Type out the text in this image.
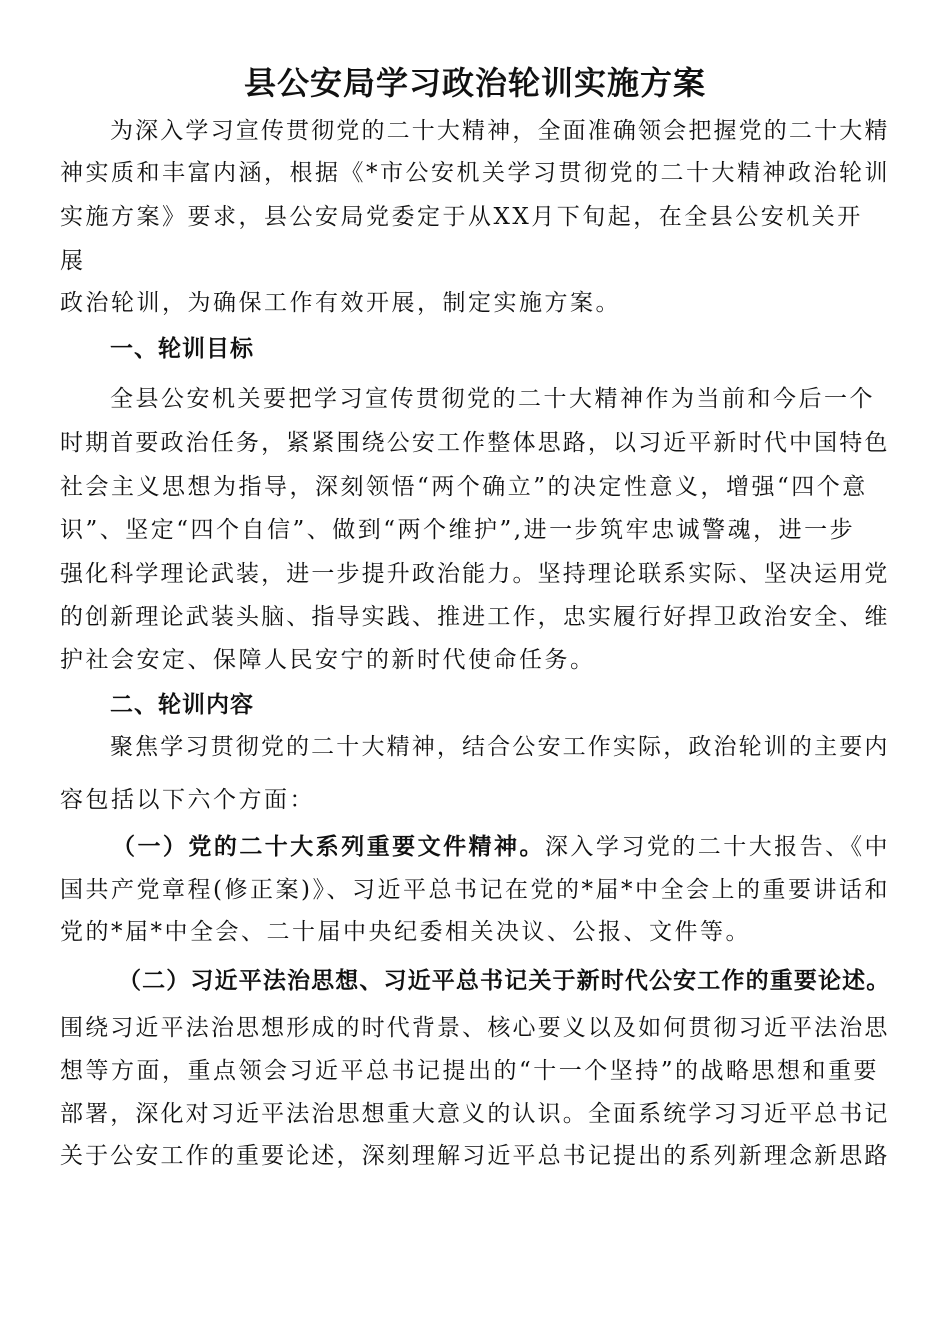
县公安局学习政治轮训实施方案
为深入学习宣传贯彻党的二十大精神，全面准确领会把握党的二十大精
神实质和丰富内涵，根据《*市公安机关学习贯彻党的二十大精神政治轮训
实施方案》要求，县公安局党委定于从XX月下旬起，在全县公安机关开
展
政治轮训，为确保工作有效开展，制定实施方案。
一、轮训目标
全县公安机关要把学习宣传贯彻党的二十大精神作为当前和今后一个
时期首要政治任务，紧紧围绕公安工作整体思路，以习近平新时代中国特色
社会主义思想为指导，深刻领悟“两个确立”的决定性意义，增强“四个意
识”、坚定“四个自信”、做到“两个维护”,进一步筑牢忠诚警魂，进一步
强化科学理论武装，进一步提升政治能力。坚持理论联系实际、坚决运用党
的创新理论武装头脑、指导实践、推进工作，忠实履行好捍卫政治安全、维
护社会安定、保障人民安宁的新时代使命任务。
二、轮训内容
聚焦学习贯彻党的二十大精神，结合公安工作实际，政治轮训的主要内
容包括以下六个方面：
（一）党的二十大系列重要文件精神。深入学习党的二十大报告、《中
国共产党章程(修正案)》、习近平总书记在党的*届*中全会上的重要讲话和
党的*届*中全会、二十届中央纪委相关决议、公报、文件等。
（二）习近平法治思想、习近平总书记关于新时代公安工作的重要论述。
围绕习近平法治思想形成的时代背景、核心要义以及如何贯彻习近平法治思
想等方面，重点领会习近平总书记提出的“十一个坚持”的战略思想和重要
部署，深化对习近平法治思想重大意义的认识。全面系统学习习近平总书记
关于公安工作的重要论述，深刻理解习近平总书记提出的系列新理念新思路
